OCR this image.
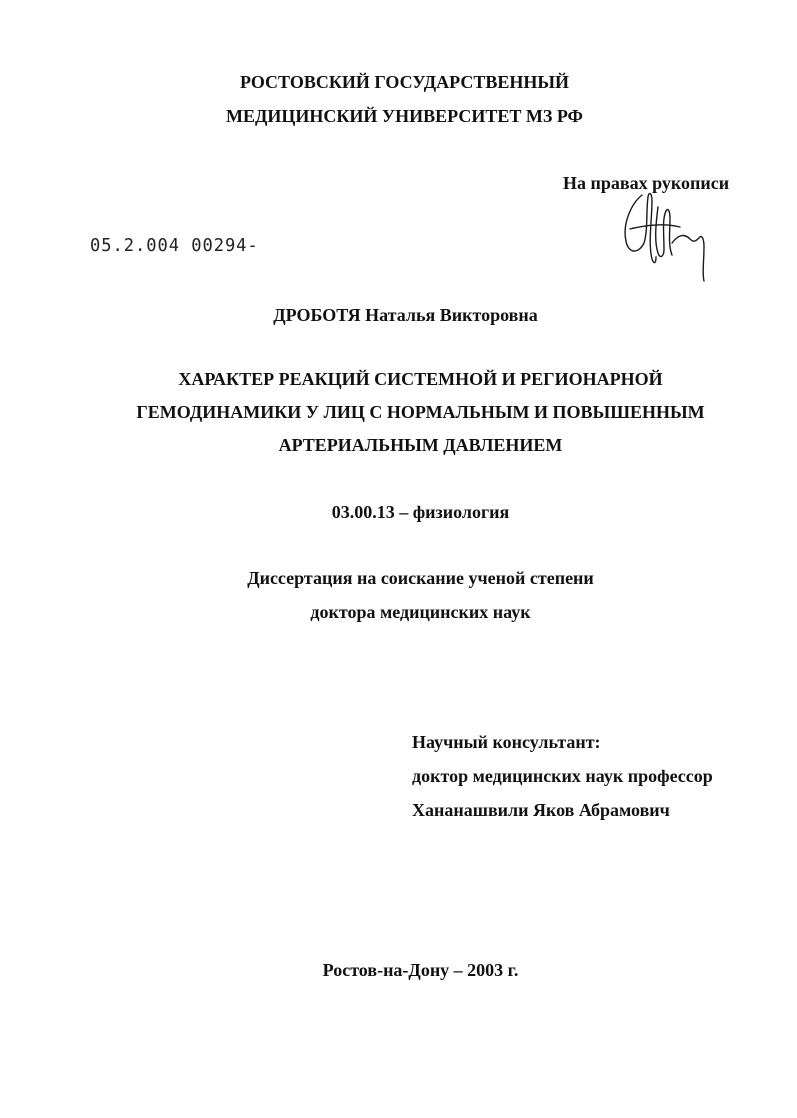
РОСТОВСКИЙ ГОСУДАРСТВЕННЫЙ
МЕДИЦИНСКИЙ УНИВЕРСИТЕТ МЗ РФ
На правах рукописи
05.2.004 00294-
ДРОБОТЯ Наталья Викторовна
ХАРАКТЕР РЕАКЦИЙ СИСТЕМНОЙ И РЕГИОНАРНОЙ
ГЕМОДИНАМИКИ У ЛИЦ С НОРМАЛЬНЫМ И ПОВЫШЕННЫМ
АРТЕРИАЛЬНЫМ ДАВЛЕНИЕМ
03.00.13 – физиология
Диссертация на соискание ученой степени
доктора медицинских наук
Научный консультант:
доктор медицинских наук профессор
Хананашвили Яков Абрамович
Ростов-на-Дону – 2003 г.
